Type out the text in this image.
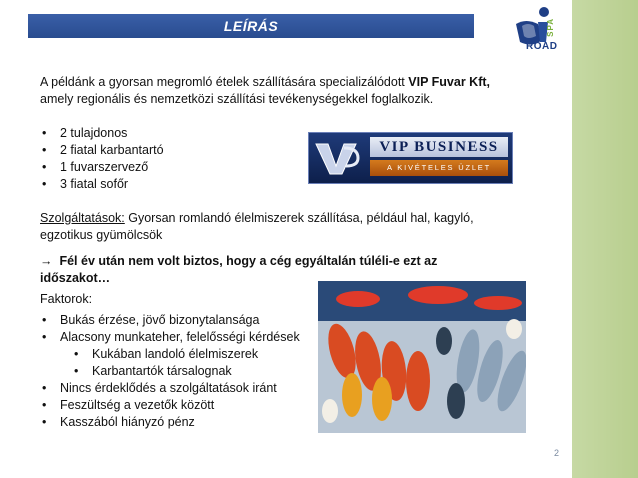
LEÍRÁS
ROAD
SPA

A példánk a gyorsan megromló ételek szállítására specializálódott VIP Fuvar Kft, amely regionális és nemzetközi szállítási tevékenységekkel foglalkozik.

• 2 tulajdonos
• 2 fiatal karbantartó
• 1 fuvarszervező
• 3 fiatal sofőr

Szolgáltatások: Gyorsan romlandó élelmiszerek szállítása, például hal, kagyló, egzotikus gyümölcsök

→ Fél év után nem volt biztos, hogy a cég egyáltalán túléli-e ezt az időszakot…

Faktorok:

• Bukás érzése, jövő bizonytalansága
• Alacsony munkateher, felelősségi kérdések
• Kukában landoló élelmiszerek
• Karbantartók társalognak
• Nincs érdeklődés a szolgáltatások iránt
• Feszültség a vezetők között
• Kasszából hiányzó pénz
VIP BUSINESS
A KIVÉTELES ÜZLET
2
